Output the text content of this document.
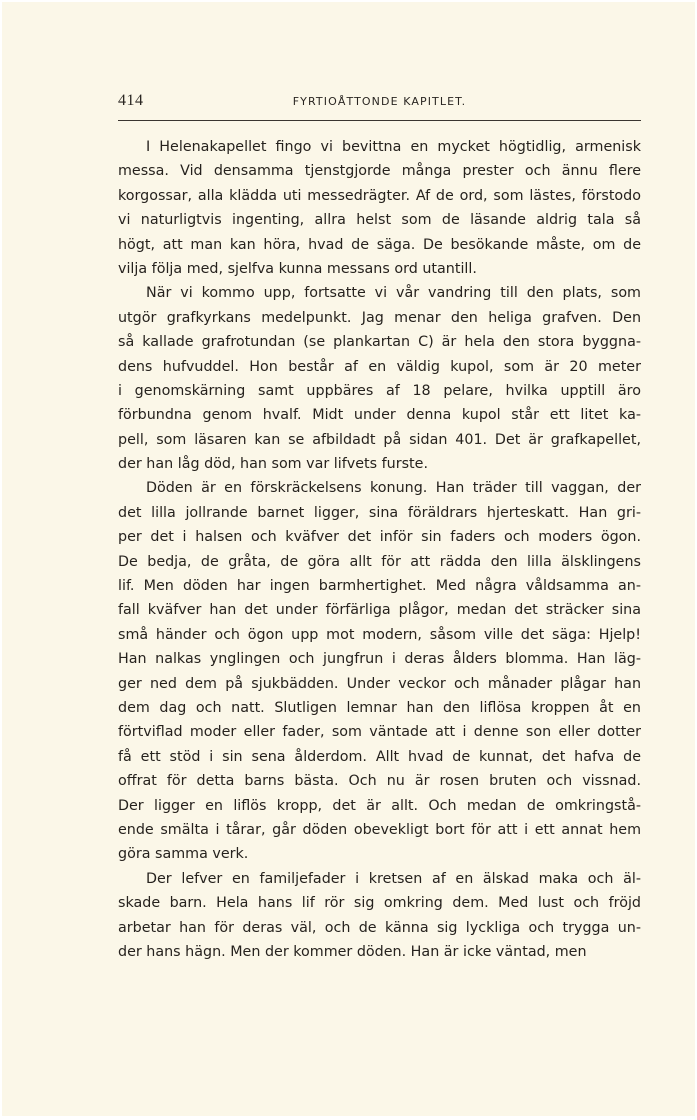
414	FYRTIOÅTTONDE KAPITLET.
I Helenakapellet fingo vi bevittna en mycket högtidlig, armenisk
messa. Vid densamma tjenstgjorde många prester och ännu flere
korgossar, alla klädda uti messedrägter. Af de ord, som lästes, förstodo
vi naturligtvis ingenting, allra helst som de läsande aldrig tala så
högt, att man kan höra, hvad de säga. De besökande måste, om de
vilja följa med, sjelfva kunna messans ord utantill.
När vi kommo upp, fortsatte vi vår vandring till den plats, som
utgör grafkyrkans medelpunkt. Jag menar den heliga grafven. Den
så kallade grafrotundan (se plankartan C) är hela den stora byggna-
dens hufvuddel. Hon består af en väldig kupol, som är 20 meter
i genomskärning samt uppbäres af 18 pelare, hvilka upptill äro
förbundna genom hvalf. Midt under denna kupol står ett litet ka-
pell, som läsaren kan se afbildadt på sidan 401. Det är grafkapellet,
der han låg död, han som var lifvets furste.
Döden är en förskräckelsens konung. Han träder till vaggan, der
det lilla jollrande barnet ligger, sina föräldrars hjerteskatt. Han gri-
per det i halsen och kväfver det inför sin faders och moders ögon.
De bedja, de gråta, de göra allt för att rädda den lilla älsklingens
lif. Men döden har ingen barmhertighet. Med några våldsamma an-
fall kväfver han det under förfärliga plågor, medan det sträcker sina
små händer och ögon upp mot modern, såsom ville det säga: Hjelp!
Han nalkas ynglingen och jungfrun i deras ålders blomma. Han läg-
ger ned dem på sjukbädden. Under veckor och månader plågar han
dem dag och natt. Slutligen lemnar han den liflösa kroppen åt en
förtviflad moder eller fader, som väntade att i denne son eller dotter
få ett stöd i sin sena ålderdom. Allt hvad de kunnat, det hafva de
offrat för detta barns bästa. Och nu är rosen bruten och vissnad.
Der ligger en liflös kropp, det är allt. Och medan de omkringstå-
ende smälta i tårar, går döden obevekligt bort för att i ett annat hem
göra samma verk.
Der lefver en familjefader i kretsen af en älskad maka och äl-
skade barn. Hela hans lif rör sig omkring dem. Med lust och fröjd
arbetar han för deras väl, och de känna sig lyckliga och trygga un-
der hans hägn. Men der kommer döden. Han är icke väntad, men
